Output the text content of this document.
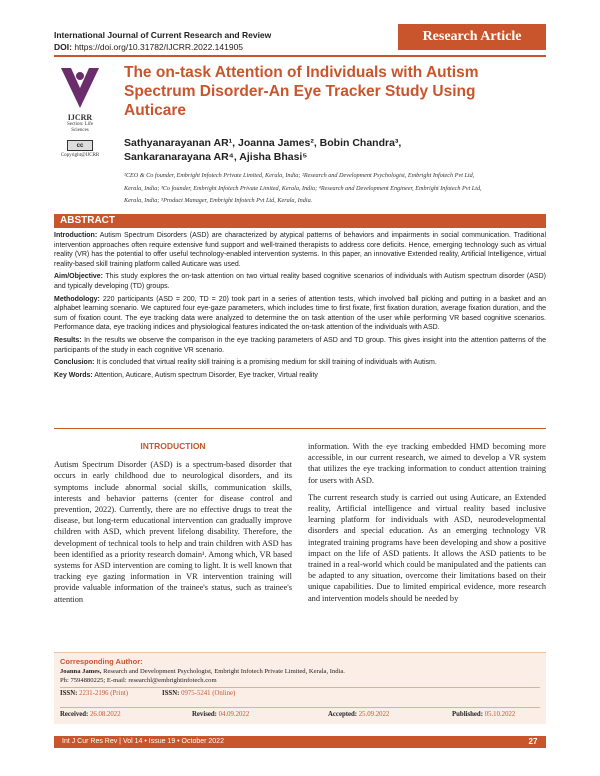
International Journal of Current Research and Review
DOI: https://doi.org/10.31782/IJCRR.2022.141905
Research Article
IJCRR
Section: Life
Sciences
cc
Copyright@IJCRR
The on-task Attention of Individuals with Autism Spectrum Disorder-An Eye Tracker Study Using Auticare
Sathyanarayanan AR¹, Joanna James², Bobin Chandra³,
Sankaranarayana AR⁴, Ajisha Bhasi⁵
¹CEO & Co founder, Embright Infotech Private Limited, Kerala, India; ²Research and Development Psychologist, Embright Infotech Pvt Ltd,
Kerala, India; ³Co founder, Embright Infotech Private Limited, Kerala, India; ⁴Research and Development Engineer, Embright Infotech Pvt Ltd,
Kerala, India; ⁵Product Manager, Embright Infotech Pvt Ltd, Kerala, India.
ABSTRACT

Introduction: Autism Spectrum Disorders (ASD) are characterized by atypical patterns of behaviors and impairments in social communication. Traditional intervention approaches often require extensive fund support and well-trained therapists to address core deficits. Hence, emerging technology such as virtual reality (VR) has the potential to offer useful technology-enabled intervention systems. In this paper, an innovative Extended reality, Artificial Intelligence, virtual reality-based skill training platform called Auticare was used.

Aim/Objective: This study explores the on-task attention on two virtual reality based cognitive scenarios of individuals with Autism spectrum disorder (ASD) and typically developing (TD) groups.

Methodology: 220 participants (ASD = 200, TD = 20) took part in a series of attention tests, which involved ball picking and putting in a basket and an alphabet learning scenario. We captured four eye-gaze parameters, which includes time to first fixate, first fixation duration, average fixation duration, and the sum of fixation count. The eye tracking data were analyzed to determine the on task attention of the user while performing VR based cognitive scenarios. Performance data, eye tracking indices and physiological features indicated the on-task attention of the individuals with ASD.

Results: In the results we observe the comparison in the eye tracking parameters of ASD and TD group. This gives insight into the attention patterns of the participants of the study in each cognitive VR scenario.

Conclusion: It is concluded that virtual reality skill training is a promising medium for skill training of individuals with Autism.

Key Words: Attention, Auticare, Autism spectrum Disorder, Eye tracker, Virtual reality

INTRODUCTION

Autism Spectrum Disorder (ASD) is a spectrum-based disorder that occurs in early childhood due to neurological disorders, and its symptoms include abnormal social skills, communication skills, interests and behavior patterns (center for disease control and prevention, 2022). Currently, there are no effective drugs to treat the disease, but long-term educational intervention can gradually improve children with ASD, which prevent lifelong disability. Therefore, the development of technical tools to help and train children with ASD has been identified as a priority research domain¹. Among which, VR based systems for ASD intervention are coming to light. It is well known that tracking eye gazing information in VR intervention training will provide valuable information of the trainee's status, such as trainee's attention

information. With the eye tracking embedded HMD becoming more accessible, in our current research, we aimed to develop a VR system that utilizes the eye tracking information to conduct attention training for users with ASD.

The current research study is carried out using Auticare, an Extended reality, Artificial intelligence and virtual reality based inclusive learning platform for individuals with ASD, neurodevelopmental disorders and special education. As an emerging technology VR integrated training programs have been developing and show a positive impact on the life of ASD patients. It allows the ASD patients to be trained in a real-world which could be manipulated and the patients can be adapted to any situation, overcome their limitations based on their unique capabilities. Due to limited empirical evidence, more research and intervention models should be needed by

Corresponding Author:
Joanna James, Research and Development Psychologist, Embright Infotech Private Limited, Kerala, India.
Ph: 7594880225; E-mail: researchl@embrightinfotech.com
ISSN: 2231-2196 (Print)	ISSN: 0975-5241 (Online)
Received: 26.08.2022	Revised: 04.09.2022	Accepted: 25.09.2022	Published: 05.10.2022
Int J Cur Res Rev | Vol 14 • Issue 19 • October 2022	27
